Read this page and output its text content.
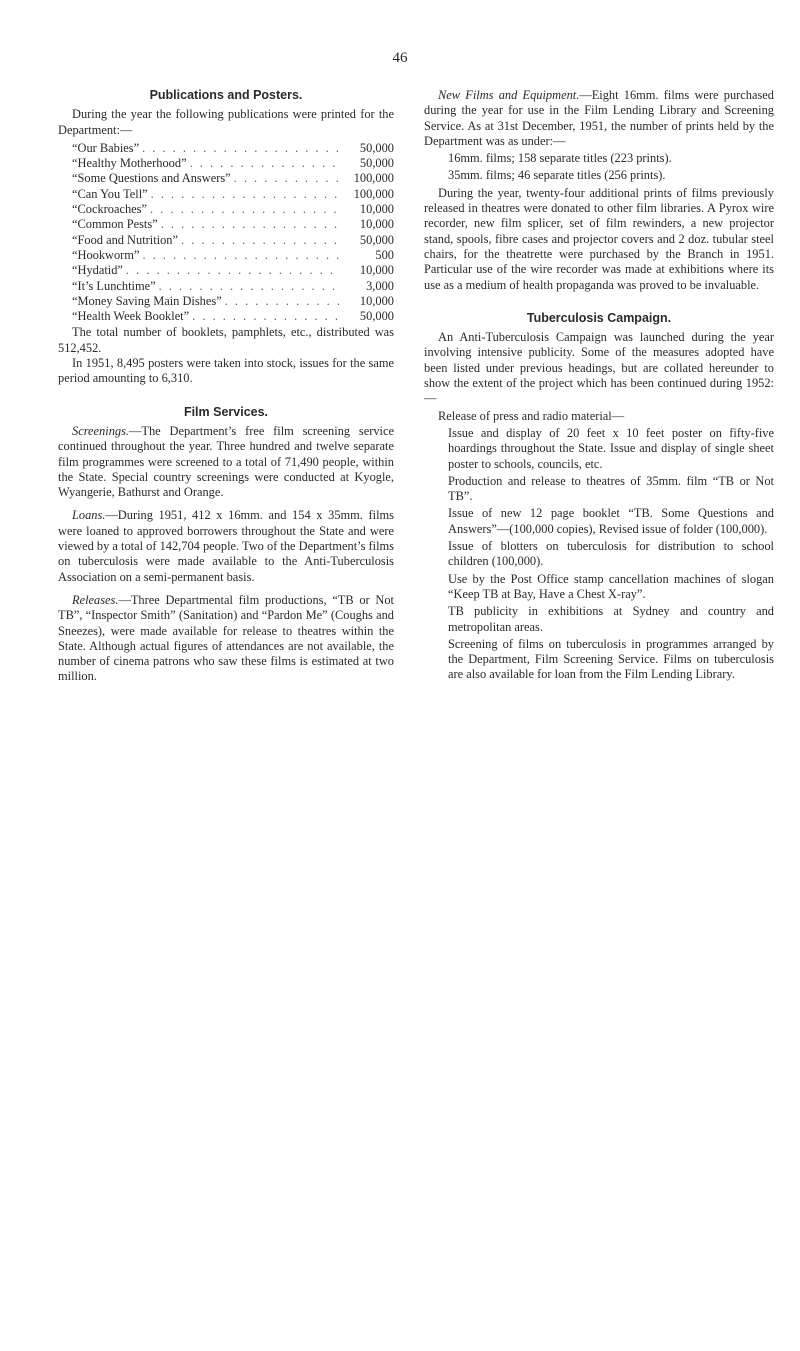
46
Publications and Posters.

During the year the following publications were printed for the Department:—

“Our Babies” . . .	50,000
“Healthy Motherhood” . . .	50,000
“Some Questions and Answers” . . .	100,000
“Can You Tell” . . .	100,000
“Cockroaches” . . .	10,000
“Common Pests” . . .	10,000
“Food and Nutrition” . . .	50,000
“Hookworm” . . .	500
“Hydatid” . . .	10,000
“It’s Lunchtime” . . .	3,000
“Money Saving Main Dishes” . . .	10,000
“Health Week Booklet” . . .	50,000

The total number of booklets, pamphlets, etc., distributed was 512,452.

In 1951, 8,495 posters were taken into stock, issues for the same period amounting to 6,310.

Film Services.

Screenings.—The Department’s free film screening service continued throughout the year. Three hundred and twelve separate film programmes were screened to a total of 71,490 people, within the State. Special country screenings were conducted at Kyogle, Wyangerie, Bathurst and Orange.

Loans.—During 1951, 412 x 16mm. and 154 x 35mm. films were loaned to approved borrowers throughout the State and were viewed by a total of 142,704 people. Two of the Department’s films on tuberculosis were made available to the Anti-Tuberculosis Association on a semi-permanent basis.

Releases.—Three Departmental film productions, “TB or Not TB”, “Inspector Smith” (Sanitation) and “Pardon Me” (Coughs and Sneezes), were made available for release to theatres within the State. Although actual figures of attendances are not available, the number of cinema patrons who saw these films is estimated at two million.

New Films and Equipment.—Eight 16mm. films were purchased during the year for use in the Film Lending Library and Screening Service. As at 31st December, 1951, the number of prints held by the Department was as under:—

16mm. films; 158 separate titles (223 prints).

35mm. films; 46 separate titles (256 prints).

During the year, twenty-four additional prints of films previously released in theatres were donated to other film libraries. A Pyrox wire recorder, new film splicer, set of film rewinders, a new projector stand, spools, fibre cases and projector covers and 2 doz. tubular steel chairs, for the theatrette were purchased by the Branch in 1951. Particular use of the wire recorder was made at exhibitions where its use as a medium of health propaganda was proved to be invaluable.

Tuberculosis Campaign.

An Anti-Tuberculosis Campaign was launched during the year involving intensive publicity. Some of the measures adopted have been listed under previous headings, but are collated hereunder to show the extent of the project which has been continued during 1952:—

Release of press and radio material—

Issue and display of 20 feet x 10 feet poster on fifty-five hoardings throughout the State. Issue and display of single sheet poster to schools, councils, etc.

Production and release to theatres of 35mm. film “TB or Not TB”.

Issue of new 12 page booklet “TB. Some Questions and Answers”—(100,000 copies), Revised issue of folder (100,000).

Issue of blotters on tuberculosis for distribution to school children (100,000).

Use by the Post Office stamp cancellation machines of slogan “Keep TB at Bay, Have a Chest X-ray”.

TB publicity in exhibitions at Sydney and country and metropolitan areas.

Screening of films on tuberculosis in programmes arranged by the Department, Film Screening Service. Films on tuberculosis are also available for loan from the Film Lending Library.
